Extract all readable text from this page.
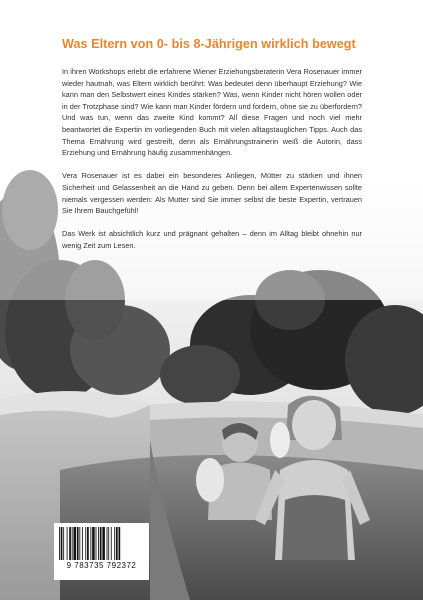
Was Eltern von 0- bis 8-Jährigen wirklich bewegt

In ihren Workshops erlebt die erfahrene Wiener Erziehungsberaterin Vera Rosenauer immer wieder hautnah, was Eltern wirklich berührt: Was bedeutet denn überhaupt Erziehung? Wie kann man den Selbstwert eines Kindes stärken? Was, wenn Kinder nicht hören wollen oder in der Trotzphase sind? Wie kann man Kinder fördern und fordern, ohne sie zu überfordern? Und was tun, wenn das zweite Kind kommt? All diese Fragen und noch viel mehr beantwortet die Expertin im vorliegenden Buch mit vielen alltagstauglichen Tipps. Auch das Thema Ernährung wird gestreift, denn als Ernährungstrainerin weiß die Autorin, dass Erziehung und Ernährung häufig zusammenhängen.

Vera Rosenauer ist es dabei ein besonderes Anliegen, Mütter zu stärken und ihnen Sicherheit und Gelassenheit an die Hand zu geben. Denn bei allem Expertenwissen sollte niemals vergessen werden: Als Mutter sind Sie immer selbst die beste Expertin, vertrauen Sie Ihrem Bauchgefühl!

Das Werk ist absichtlich kurz und prägnant gehalten – denn im Alltag bleibt ohnehin nur wenig Zeit zum Lesen.

9 783735 792372
